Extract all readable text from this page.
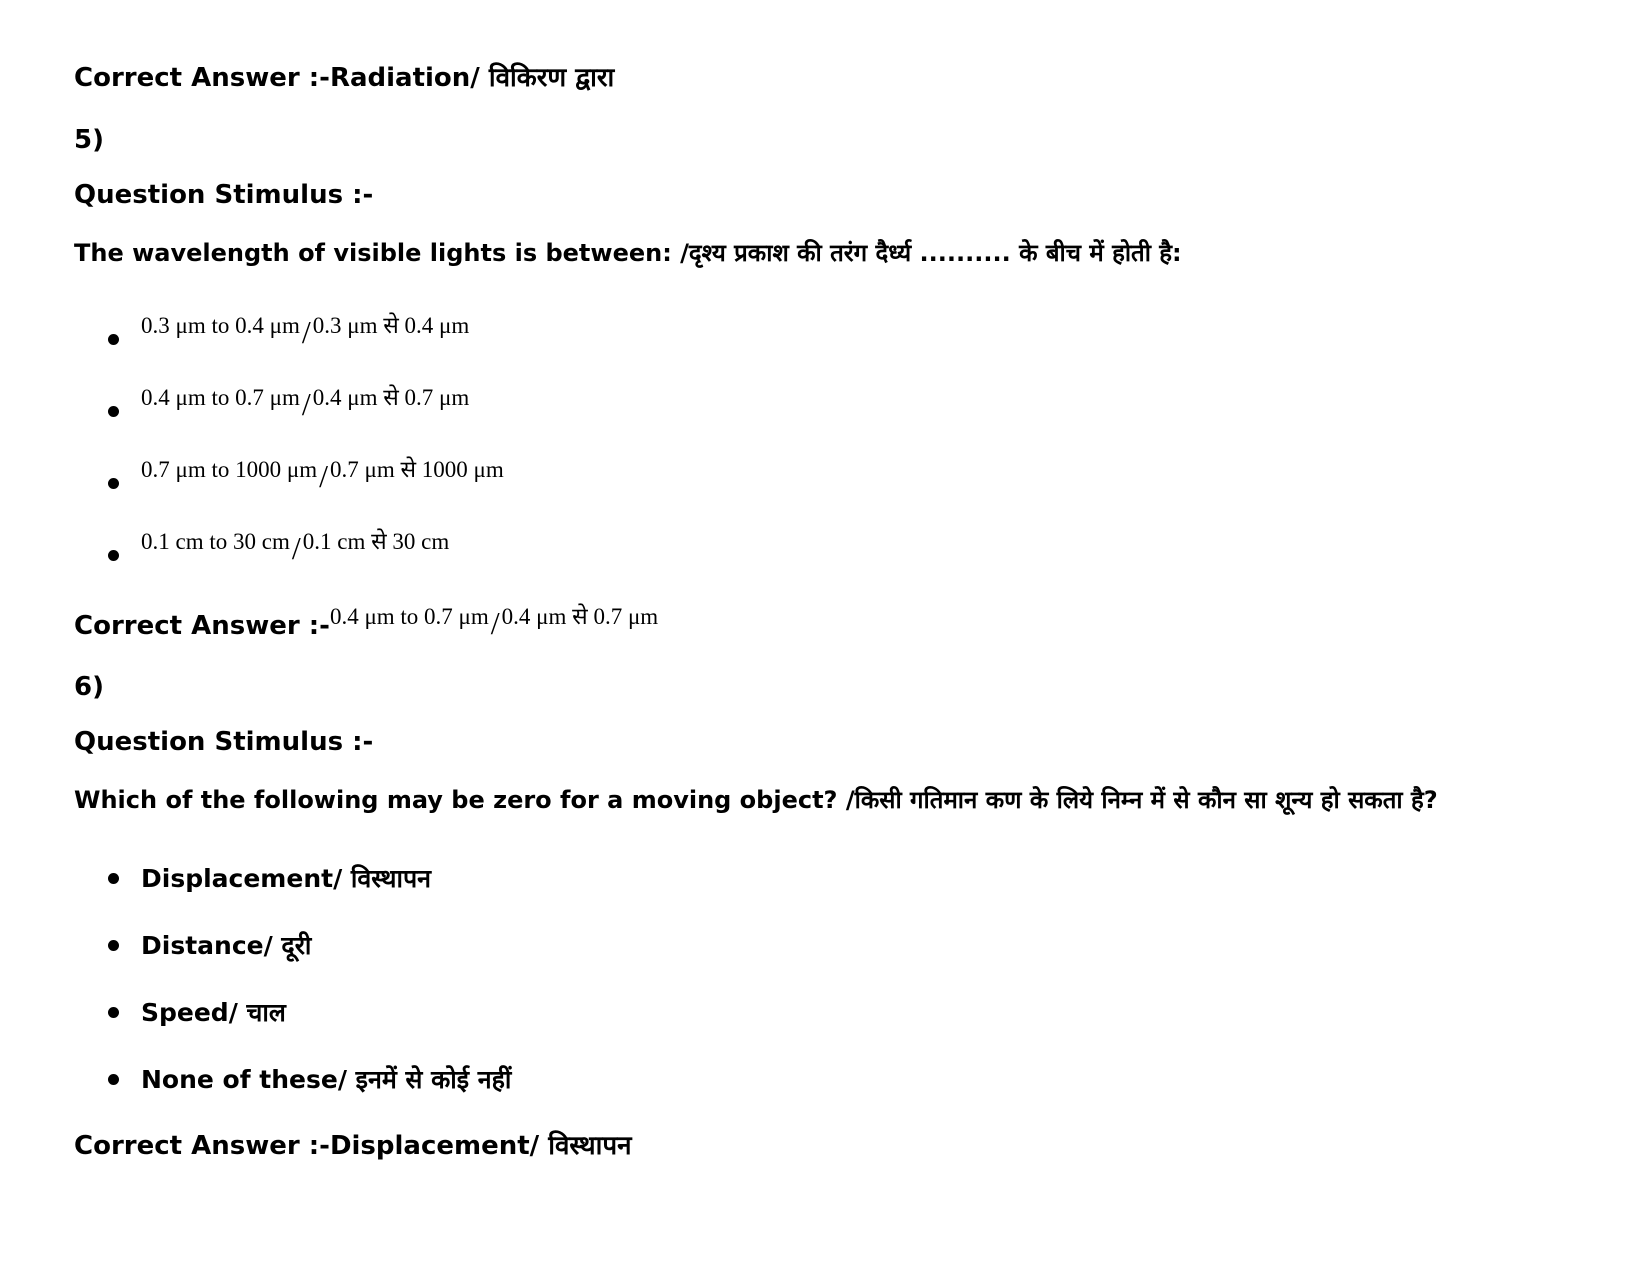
Correct Answer :-Radiation/ विकिरण द्वारा
5)
Question Stimulus :-
The wavelength of visible lights is between: /दृश्य प्रकाश की तरंग दैर्ध्य .......... के बीच में होती है:
0.3 μm to 0.4 μm/0.3 μm से 0.4 μm
0.4 μm to 0.7 μm/0.4 μm से 0.7 μm
0.7 μm to 1000 μm/0.7 μm से 1000 μm
0.1 cm to 30 cm/0.1 cm से 30 cm
Correct Answer :-0.4 μm to 0.7 μm/0.4 μm से 0.7 μm
6)
Question Stimulus :-
Which of the following may be zero for a moving object? /किसी गतिमान कण के लिये निम्न में से कौन सा शून्य हो सकता है?
Displacement/ विस्थापन
Distance/ दूरी
Speed/ चाल
None of these/ इनमें से कोई नहीं
Correct Answer :-Displacement/ विस्थापन
